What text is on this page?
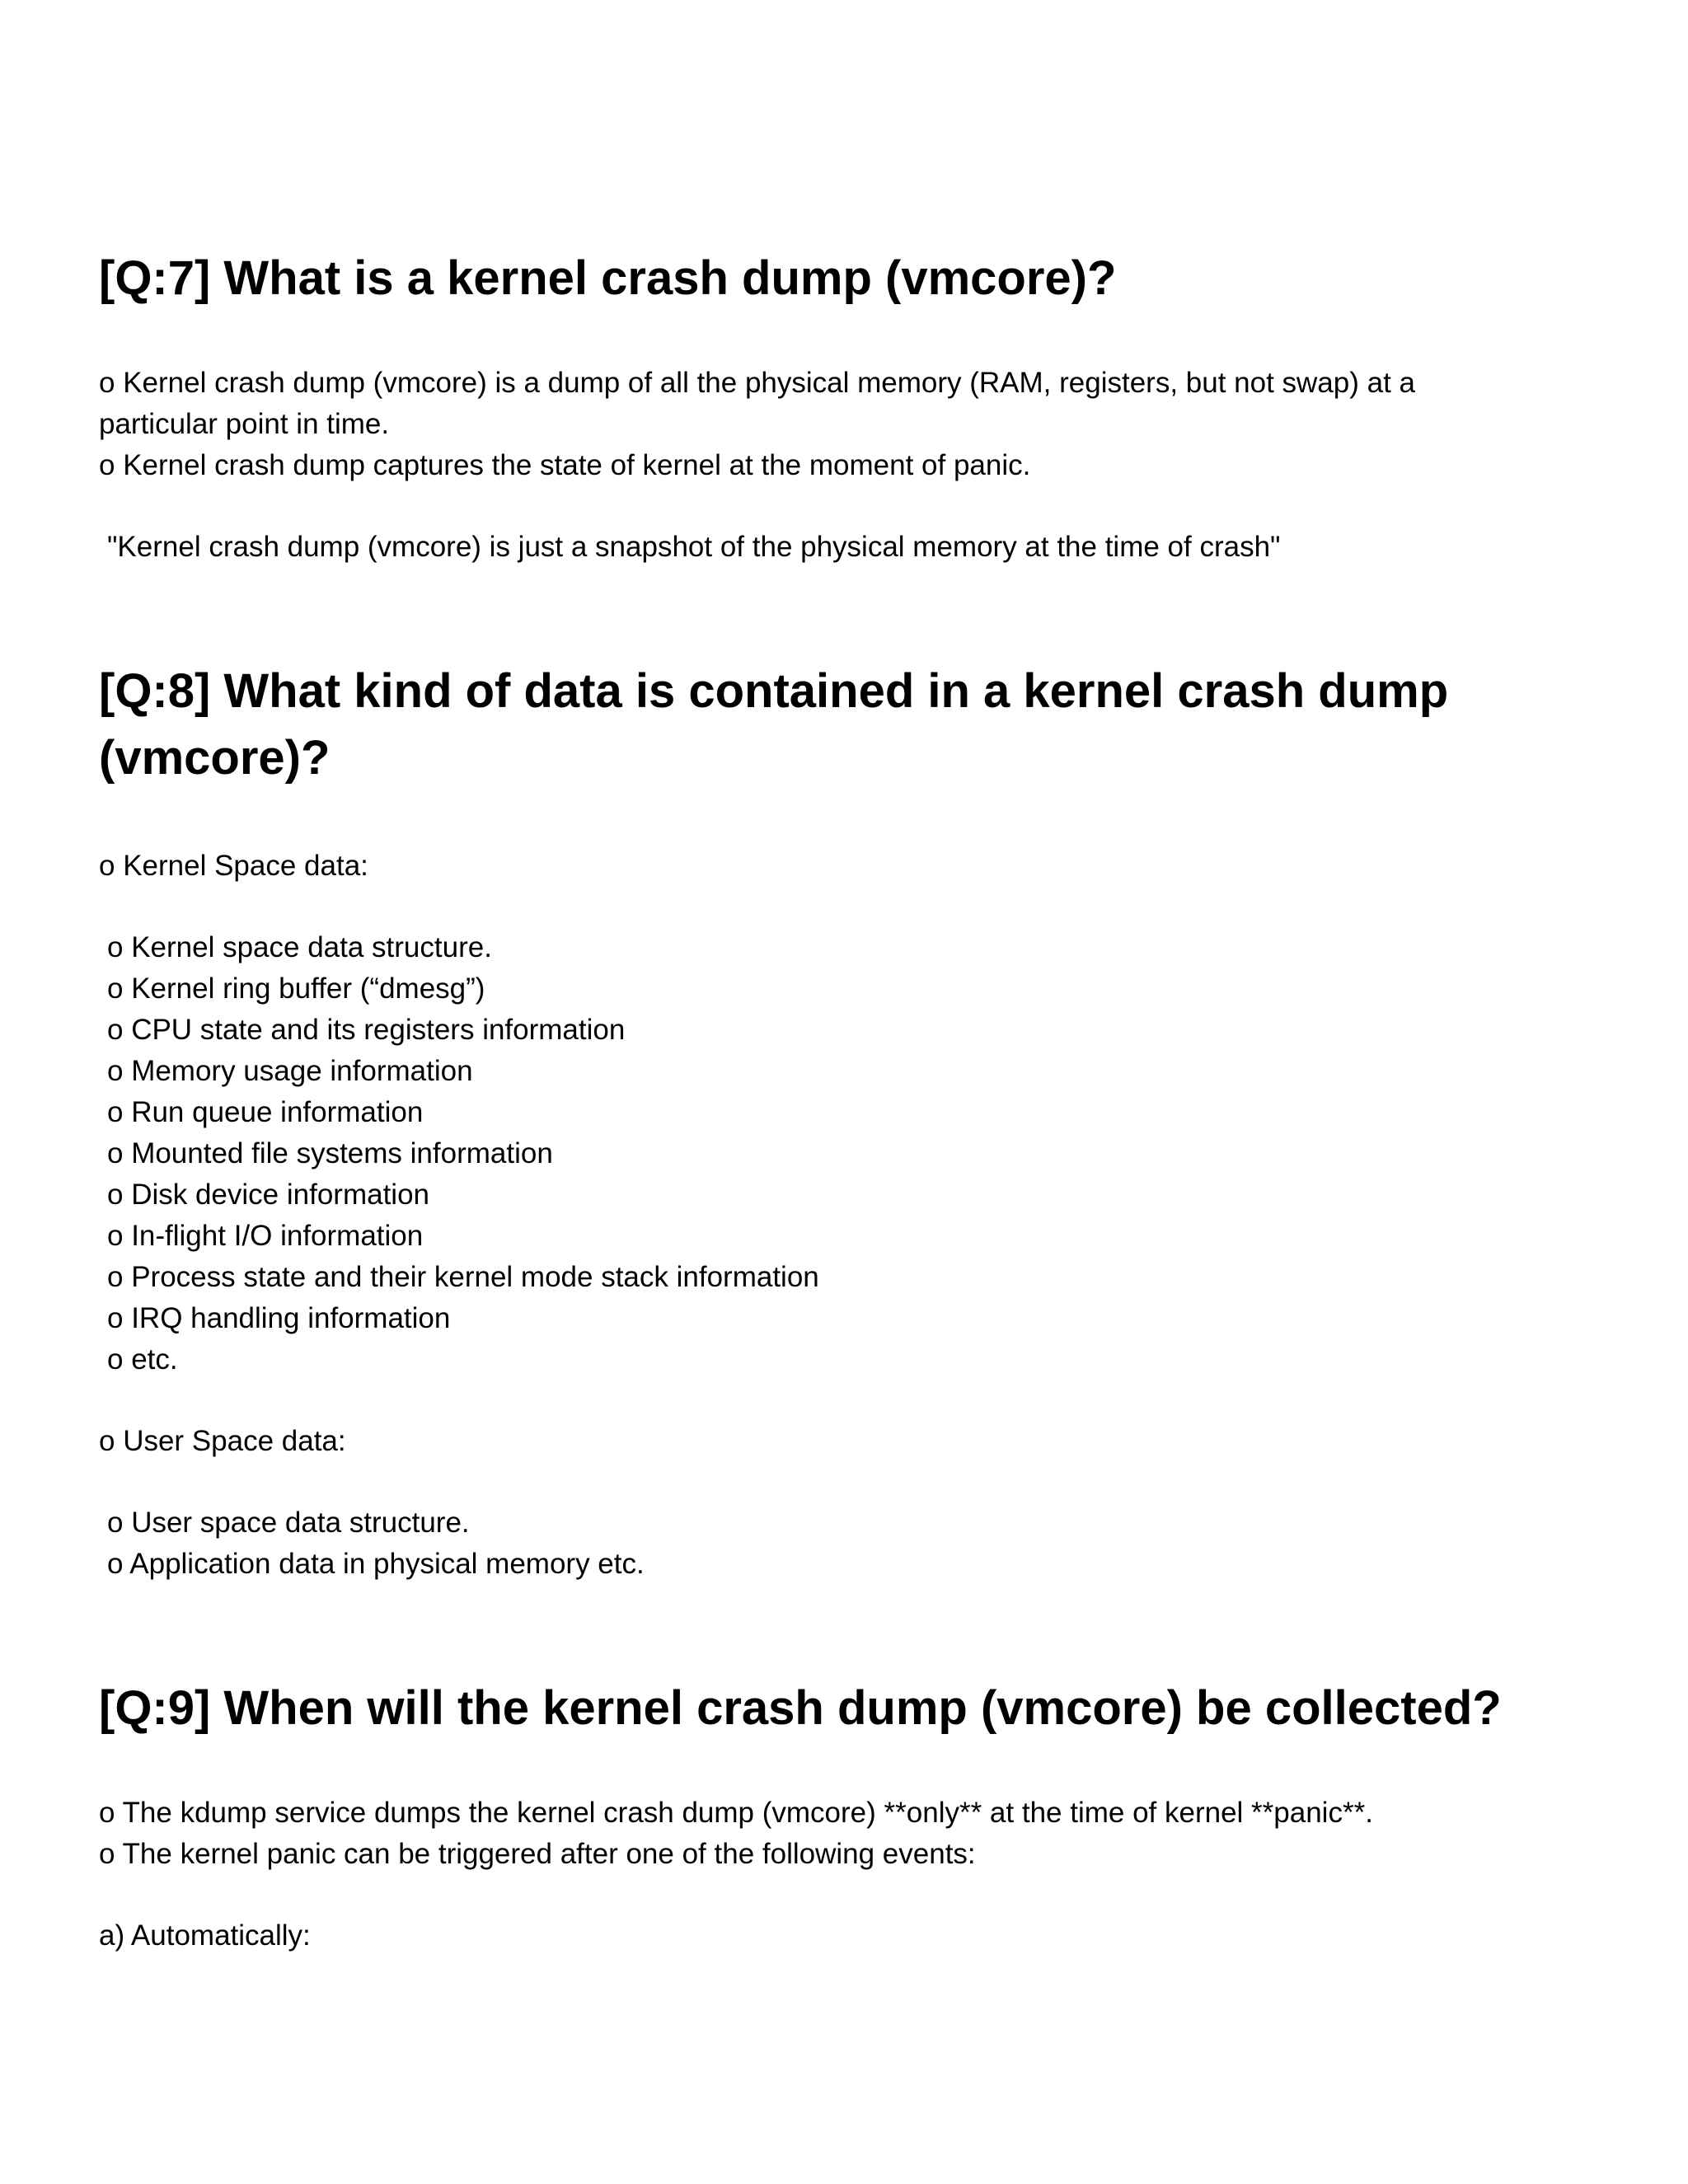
[Q:7] What is a kernel crash dump (vmcore)?

o Kernel crash dump (vmcore) is a dump of all the physical memory (RAM, registers, but not swap) at a

particular point in time.

o Kernel crash dump captures the state of kernel at the moment of panic.

"Kernel crash dump (vmcore) is just a snapshot of the physical memory at the time of crash"

[Q:8] What kind of data is contained in a kernel crash dump
(vmcore)?

o Kernel Space data:

o Kernel space data structure.

o Kernel ring buffer (“dmesg”)

o CPU state and its registers information

o Memory usage information

o Run queue information

o Mounted file systems information

o Disk device information

o In-flight I/O information

o Process state and their kernel mode stack information

o IRQ handling information

o etc.

o User Space data:

o User space data structure.

o Application data in physical memory etc.

[Q:9] When will the kernel crash dump (vmcore) be collected?

o The kdump service dumps the kernel crash dump (vmcore) **only** at the time of kernel **panic**.

o The kernel panic can be triggered after one of the following events:

a) Automatically:
